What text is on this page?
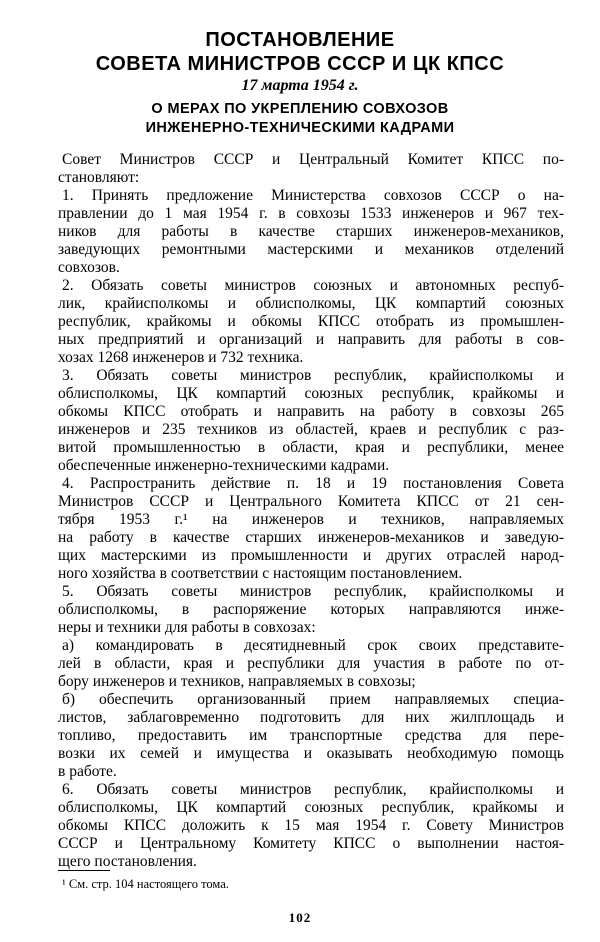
ПОСТАНОВЛЕНИЕ
СОВЕТА МИНИСТРОВ СССР И ЦК КПСС
17 марта 1954 г.
О МЕРАХ ПО УКРЕПЛЕНИЮ СОВХОЗОВ
ИНЖЕНЕРНО-ТЕХНИЧЕСКИМИ КАДРАМИ
Совет Министров СССР и Центральный Комитет КПСС по-
становляют:
1. Принять предложение Министерства совхозов СССР о на-
правлении до 1 мая 1954 г. в совхозы 1533 инженеров и 967 тех-
ников для работы в качестве старших инженеров-механиков,
заведующих ремонтными мастерскими и механиков отделений
совхозов.
2. Обязать советы министров союзных и автономных респуб-
лик, крайисполкомы и облисполкомы, ЦК компартий союзных
республик, крайкомы и обкомы КПСС отобрать из промышлен-
ных предприятий и организаций и направить для работы в сов-
хозах 1268 инженеров и 732 техника.
3. Обязать советы министров республик, крайисполкомы и
облисполкомы, ЦК компартий союзных республик, крайкомы и
обкомы КПСС отобрать и направить на работу в совхозы 265
инженеров и 235 техников из областей, краев и республик с раз-
витой промышленностью в области, края и республики, менее
обеспеченные инженерно-техническими кадрами.
4. Распространить действие п. 18 и 19 постановления Совета
Министров СССР и Центрального Комитета КПСС от 21 сен-
тября 1953 г.¹ на инженеров и техников, направляемых
на работу в качестве старших инженеров-механиков и заведую-
щих мастерскими из промышленности и других отраслей народ-
ного хозяйства в соответствии с настоящим постановлением.
5. Обязать советы министров республик, крайисполкомы и
облисполкомы, в распоряжение которых направляются инже-
неры и техники для работы в совхозах:
а) командировать в десятидневный срок своих представите-
лей в области, края и республики для участия в работе по от-
бору инженеров и техников, направляемых в совхозы;
б) обеспечить организованный прием направляемых специа-
листов, заблаговременно подготовить для них жилплощадь и
топливо, предоставить им транспортные средства для пере-
возки их семей и имущества и оказывать необходимую помощь
в работе.
6. Обязать советы министров республик, крайисполкомы и
облисполкомы, ЦК компартий союзных республик, крайкомы и
обкомы КПСС доложить к 15 мая 1954 г. Совету Министров
СССР и Центральному Комитету КПСС о выполнении настоя-
щего постановления.
¹ См. стр. 104 настоящего тома.
102
